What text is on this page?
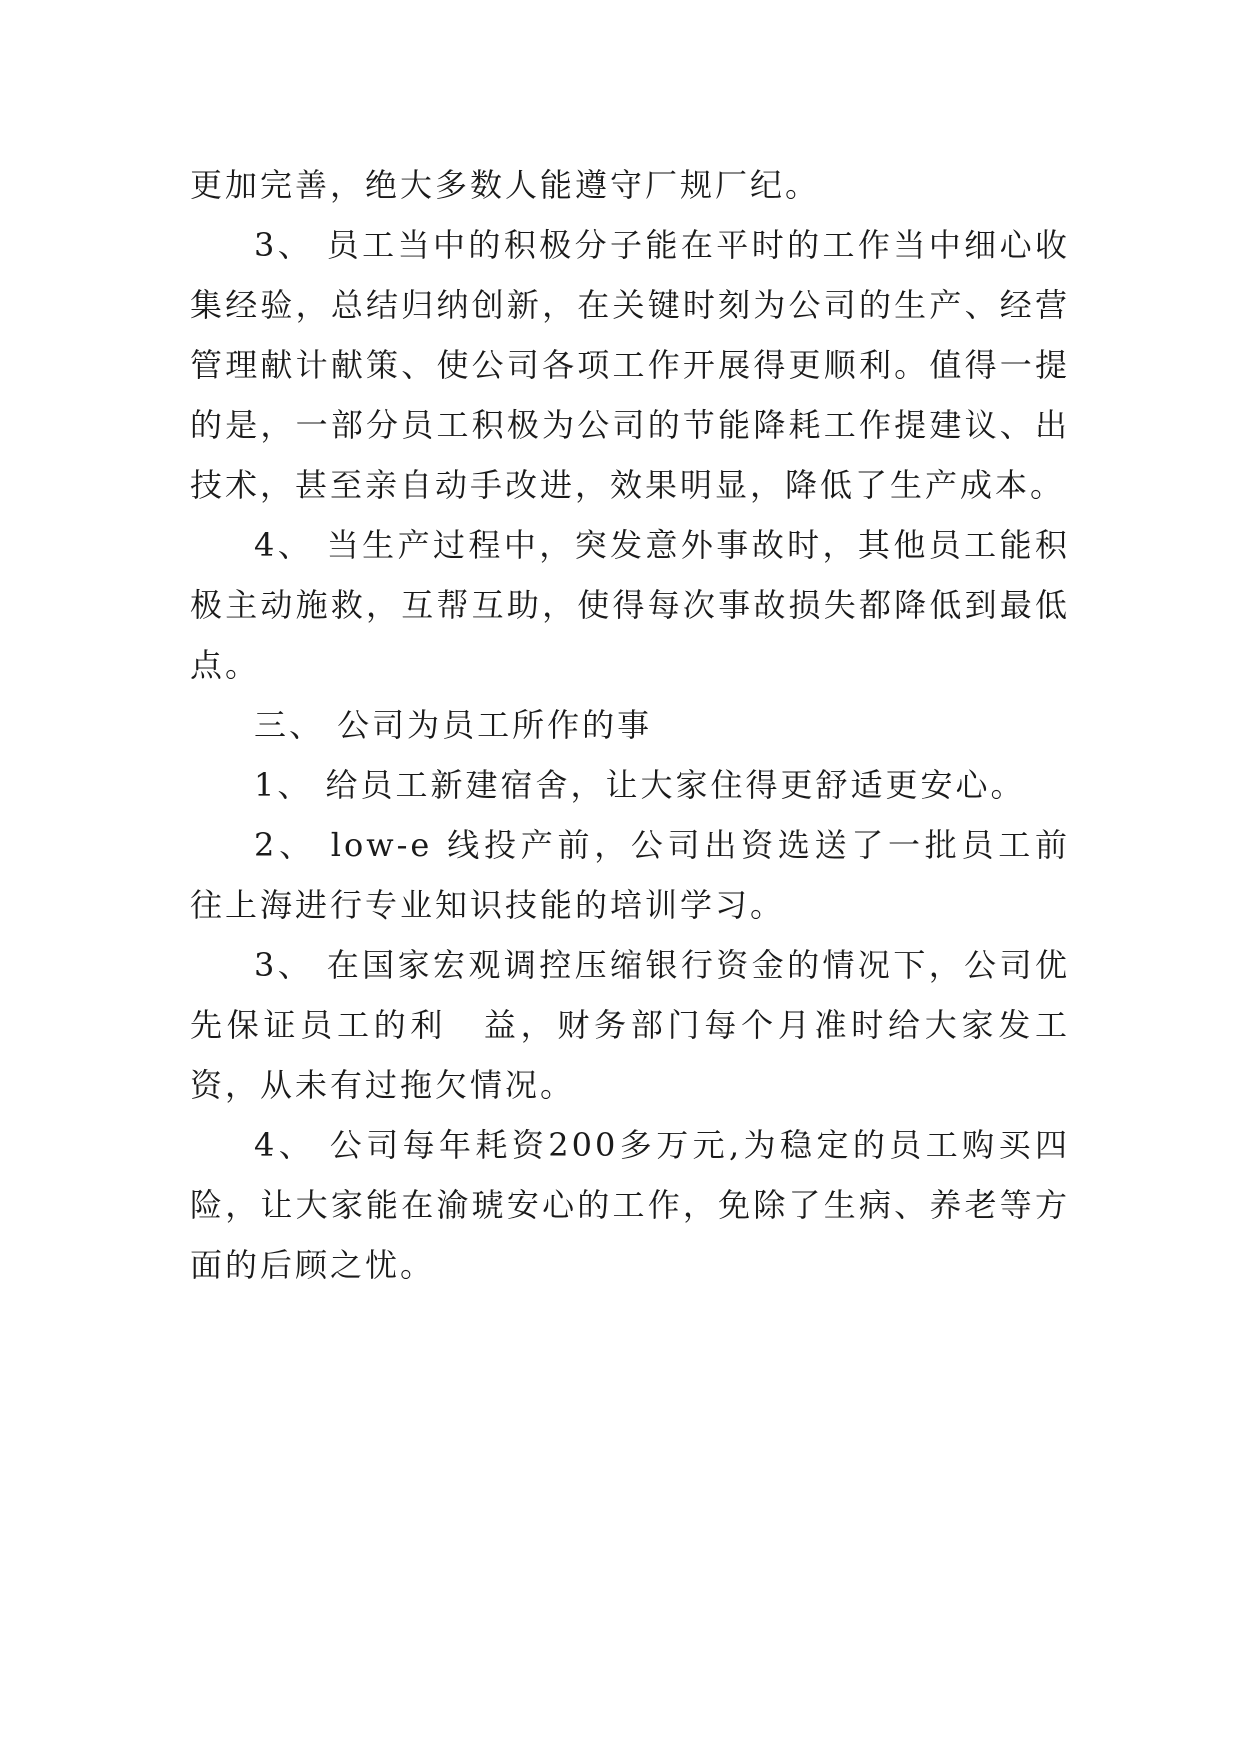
更加完善，绝大多数人能遵守厂规厂纪。

3、 员工当中的积极分子能在平时的工作当中细心收集经验，总结归纳创新，在关键时刻为公司的生产、经营管理献计献策、使公司各项工作开展得更顺利。值得一提的是，一部分员工积极为公司的节能降耗工作提建议、出技术，甚至亲自动手改进，效果明显，降低了生产成本。

4、 当生产过程中，突发意外事故时，其他员工能积极主动施救，互帮互助，使得每次事故损失都降低到最低点。

三、 公司为员工所作的事

1、 给员工新建宿舍，让大家住得更舒适更安心。

2、 low-e 线投产前，公司出资选送了一批员工前往上海进行专业知识技能的培训学习。

3、 在国家宏观调控压缩银行资金的情况下，公司优先保证员工的利　益，财务部门每个月准时给大家发工资，从未有过拖欠情况。

4、 公司每年耗资200多万元,为稳定的员工购买四险，让大家能在渝琥安心的工作，免除了生病、养老等方面的后顾之忧。
